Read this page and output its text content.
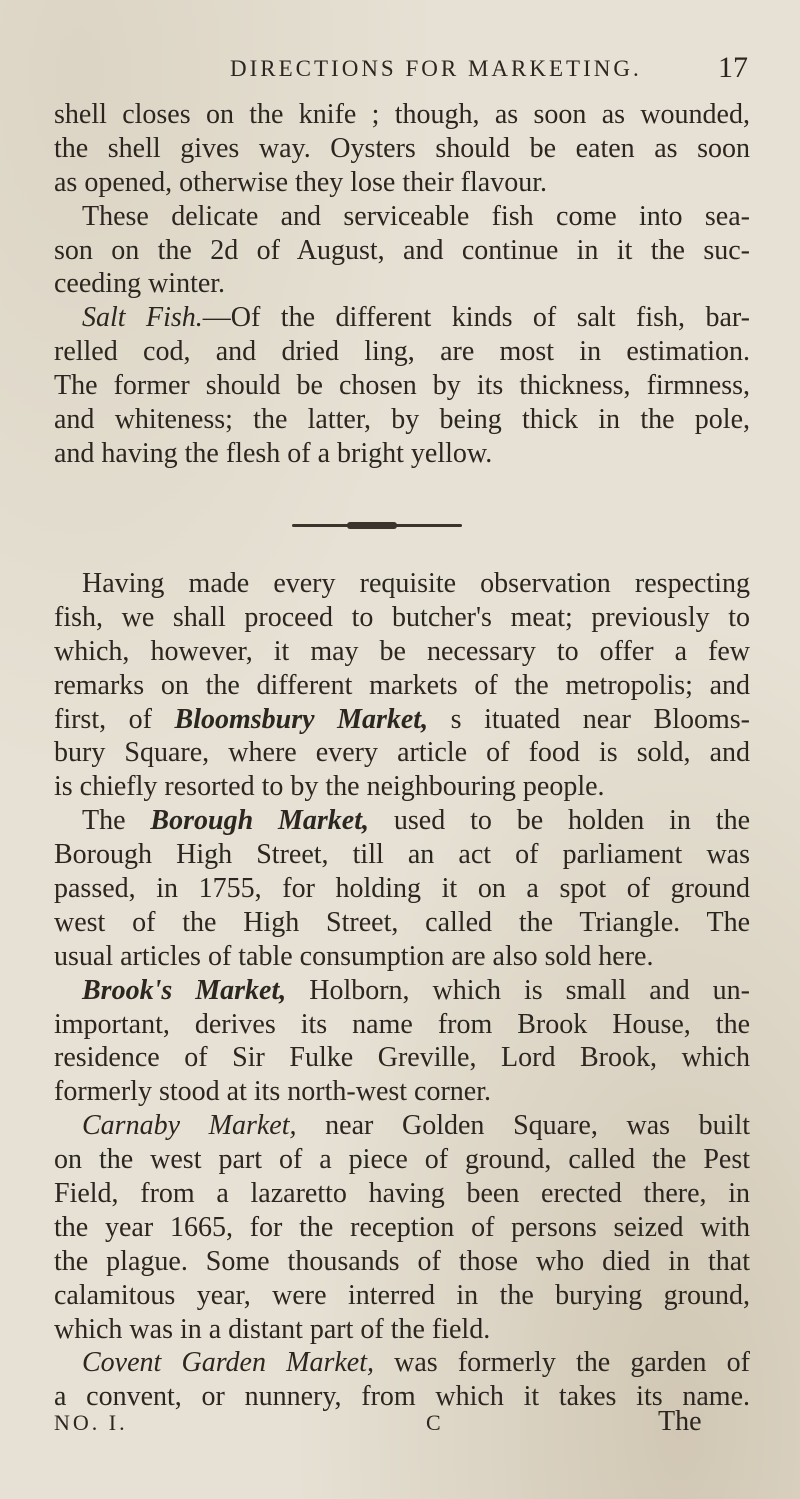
DIRECTIONS FOR MARKETING.	17
shell closes on the knife ; though, as soon as wounded,
the shell gives way. Oysters should be eaten as soon
as opened, otherwise they lose their flavour.
These delicate and serviceable fish come into sea-
son on the 2d of August, and continue in it the suc-
ceeding winter.
Salt Fish.—Of the different kinds of salt fish, bar-
relled cod, and dried ling, are most in estimation.
The former should be chosen by its thickness, firmness,
and whiteness; the latter, by being thick in the pole,
and having the flesh of a bright yellow.
Having made every requisite observation respecting
fish, we shall proceed to butcher's meat; previously to
which, however, it may be necessary to offer a few
remarks on the different markets of the metropolis; and
first, of Bloomsbury Market, s ituated near Blooms-
bury Square, where every article of food is sold, and
is chiefly resorted to by the neighbouring people.
The Borough Market, used to be holden in the
Borough High Street, till an act of parliament was
passed, in 1755, for holding it on a spot of ground
west of the High Street, called the Triangle. The
usual articles of table consumption are also sold here.
Brook's Market, Holborn, which is small and un-
important, derives its name from Brook House, the
residence of Sir Fulke Greville, Lord Brook, which
formerly stood at its north-west corner.
Carnaby Market, near Golden Square, was built
on the west part of a piece of ground, called the Pest
Field, from a lazaretto having been erected there, in
the year 1665, for the reception of persons seized with
the plague. Some thousands of those who died in that
calamitous year, were interred in the burying ground,
which was in a distant part of the field.
Covent Garden Market, was formerly the garden of
a convent, or nunnery, from which it takes its name.
NO. I.	C	The
